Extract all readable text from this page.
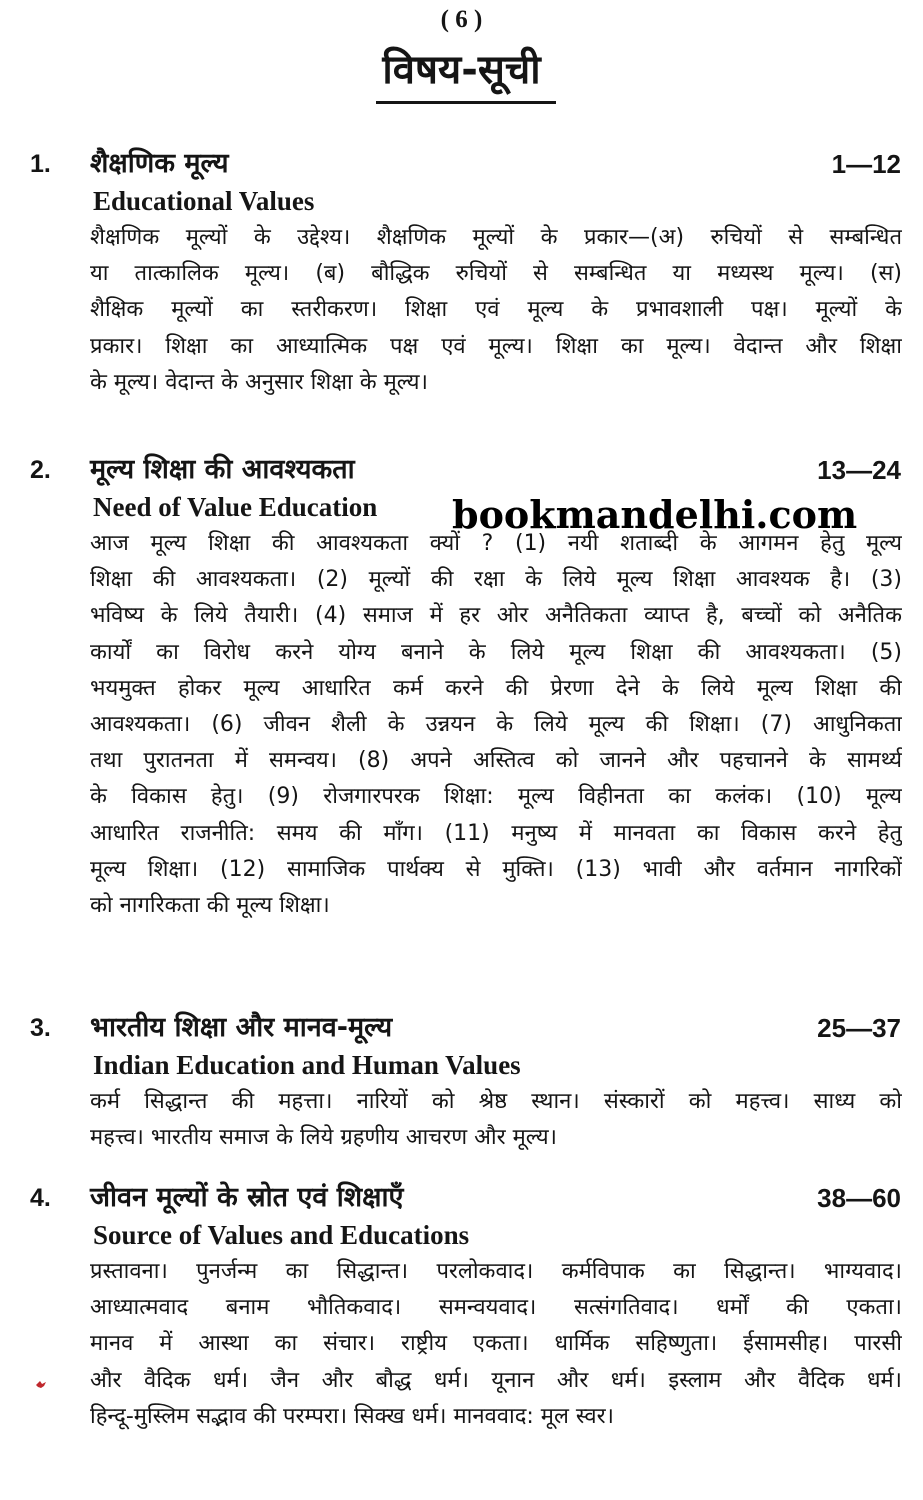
( 6 )
विषय-सूची
1. शैक्षणिक मूल्य	1—12
Educational Values
शैक्षणिक मूल्यों के उद्देश्य। शैक्षणिक मूल्यों के प्रकार—(अ) रुचियों से सम्बन्धित
या तात्कालिक मूल्य। (ब) बौद्धिक रुचियों से सम्बन्धित या मध्यस्थ मूल्य। (स)
शैक्षिक मूल्यों का स्तरीकरण। शिक्षा एवं मूल्य के प्रभावशाली पक्ष। मूल्यों के
प्रकार। शिक्षा का आध्यात्मिक पक्ष एवं मूल्य। शिक्षा का मूल्य। वेदान्त और शिक्षा
के मूल्य। वेदान्त के अनुसार शिक्षा के मूल्य।
2. मूल्य शिक्षा की आवश्यकता	13—24
Need of Value Education
आज मूल्य शिक्षा की आवश्यकता क्यों ? (1) नयी शताब्दी के आगमन हेतु मूल्य
शिक्षा की आवश्यकता। (2) मूल्यों की रक्षा के लिये मूल्य शिक्षा आवश्यक है। (3)
भविष्य के लिये तैयारी। (4) समाज में हर ओर अनैतिकता व्याप्त है, बच्चों को अनैतिक
कार्यों का विरोध करने योग्य बनाने के लिये मूल्य शिक्षा की आवश्यकता। (5)
भयमुक्त होकर मूल्य आधारित कर्म करने की प्रेरणा देने के लिये मूल्य शिक्षा की
आवश्यकता। (6) जीवन शैली के उन्नयन के लिये मूल्य की शिक्षा। (7) आधुनिकता
तथा पुरातनता में समन्वय। (8) अपने अस्तित्व को जानने और पहचानने के सामर्थ्य
के विकास हेतु। (9) रोजगारपरक शिक्षा: मूल्य विहीनता का कलंक। (10) मूल्य
आधारित राजनीति: समय की माँग। (11) मनुष्य में मानवता का विकास करने हेतु
मूल्य शिक्षा। (12) सामाजिक पार्थक्य से मुक्ति। (13) भावी और वर्तमान नागरिकों
को नागरिकता की मूल्य शिक्षा।
3. भारतीय शिक्षा और मानव-मूल्य	25—37
Indian Education and Human Values
कर्म सिद्धान्त की महत्ता। नारियों को श्रेष्ठ स्थान। संस्कारों को महत्त्व। साध्य को
महत्त्व। भारतीय समाज के लिये ग्रहणीय आचरण और मूल्य।
4. जीवन मूल्यों के स्रोत एवं शिक्षाएँ	38—60
Source of Values and Educations
प्रस्तावना। पुनर्जन्म का सिद्धान्त। परलोकवाद। कर्मविपाक का सिद्धान्त। भाग्यवाद।
आध्यात्मवाद बनाम भौतिकवाद। समन्वयवाद। सत्संगतिवाद। धर्मों की एकता।
मानव में आस्था का संचार। राष्ट्रीय एकता। धार्मिक सहिष्णुता। ईसामसीह। पारसी
और वैदिक धर्म। जैन और बौद्ध धर्म। यूनान और धर्म। इस्लाम और वैदिक धर्म।
हिन्दू-मुस्लिम सद्भाव की परम्परा। सिक्ख धर्म। मानववाद: मूल स्वर।
bookmandelhi.com
